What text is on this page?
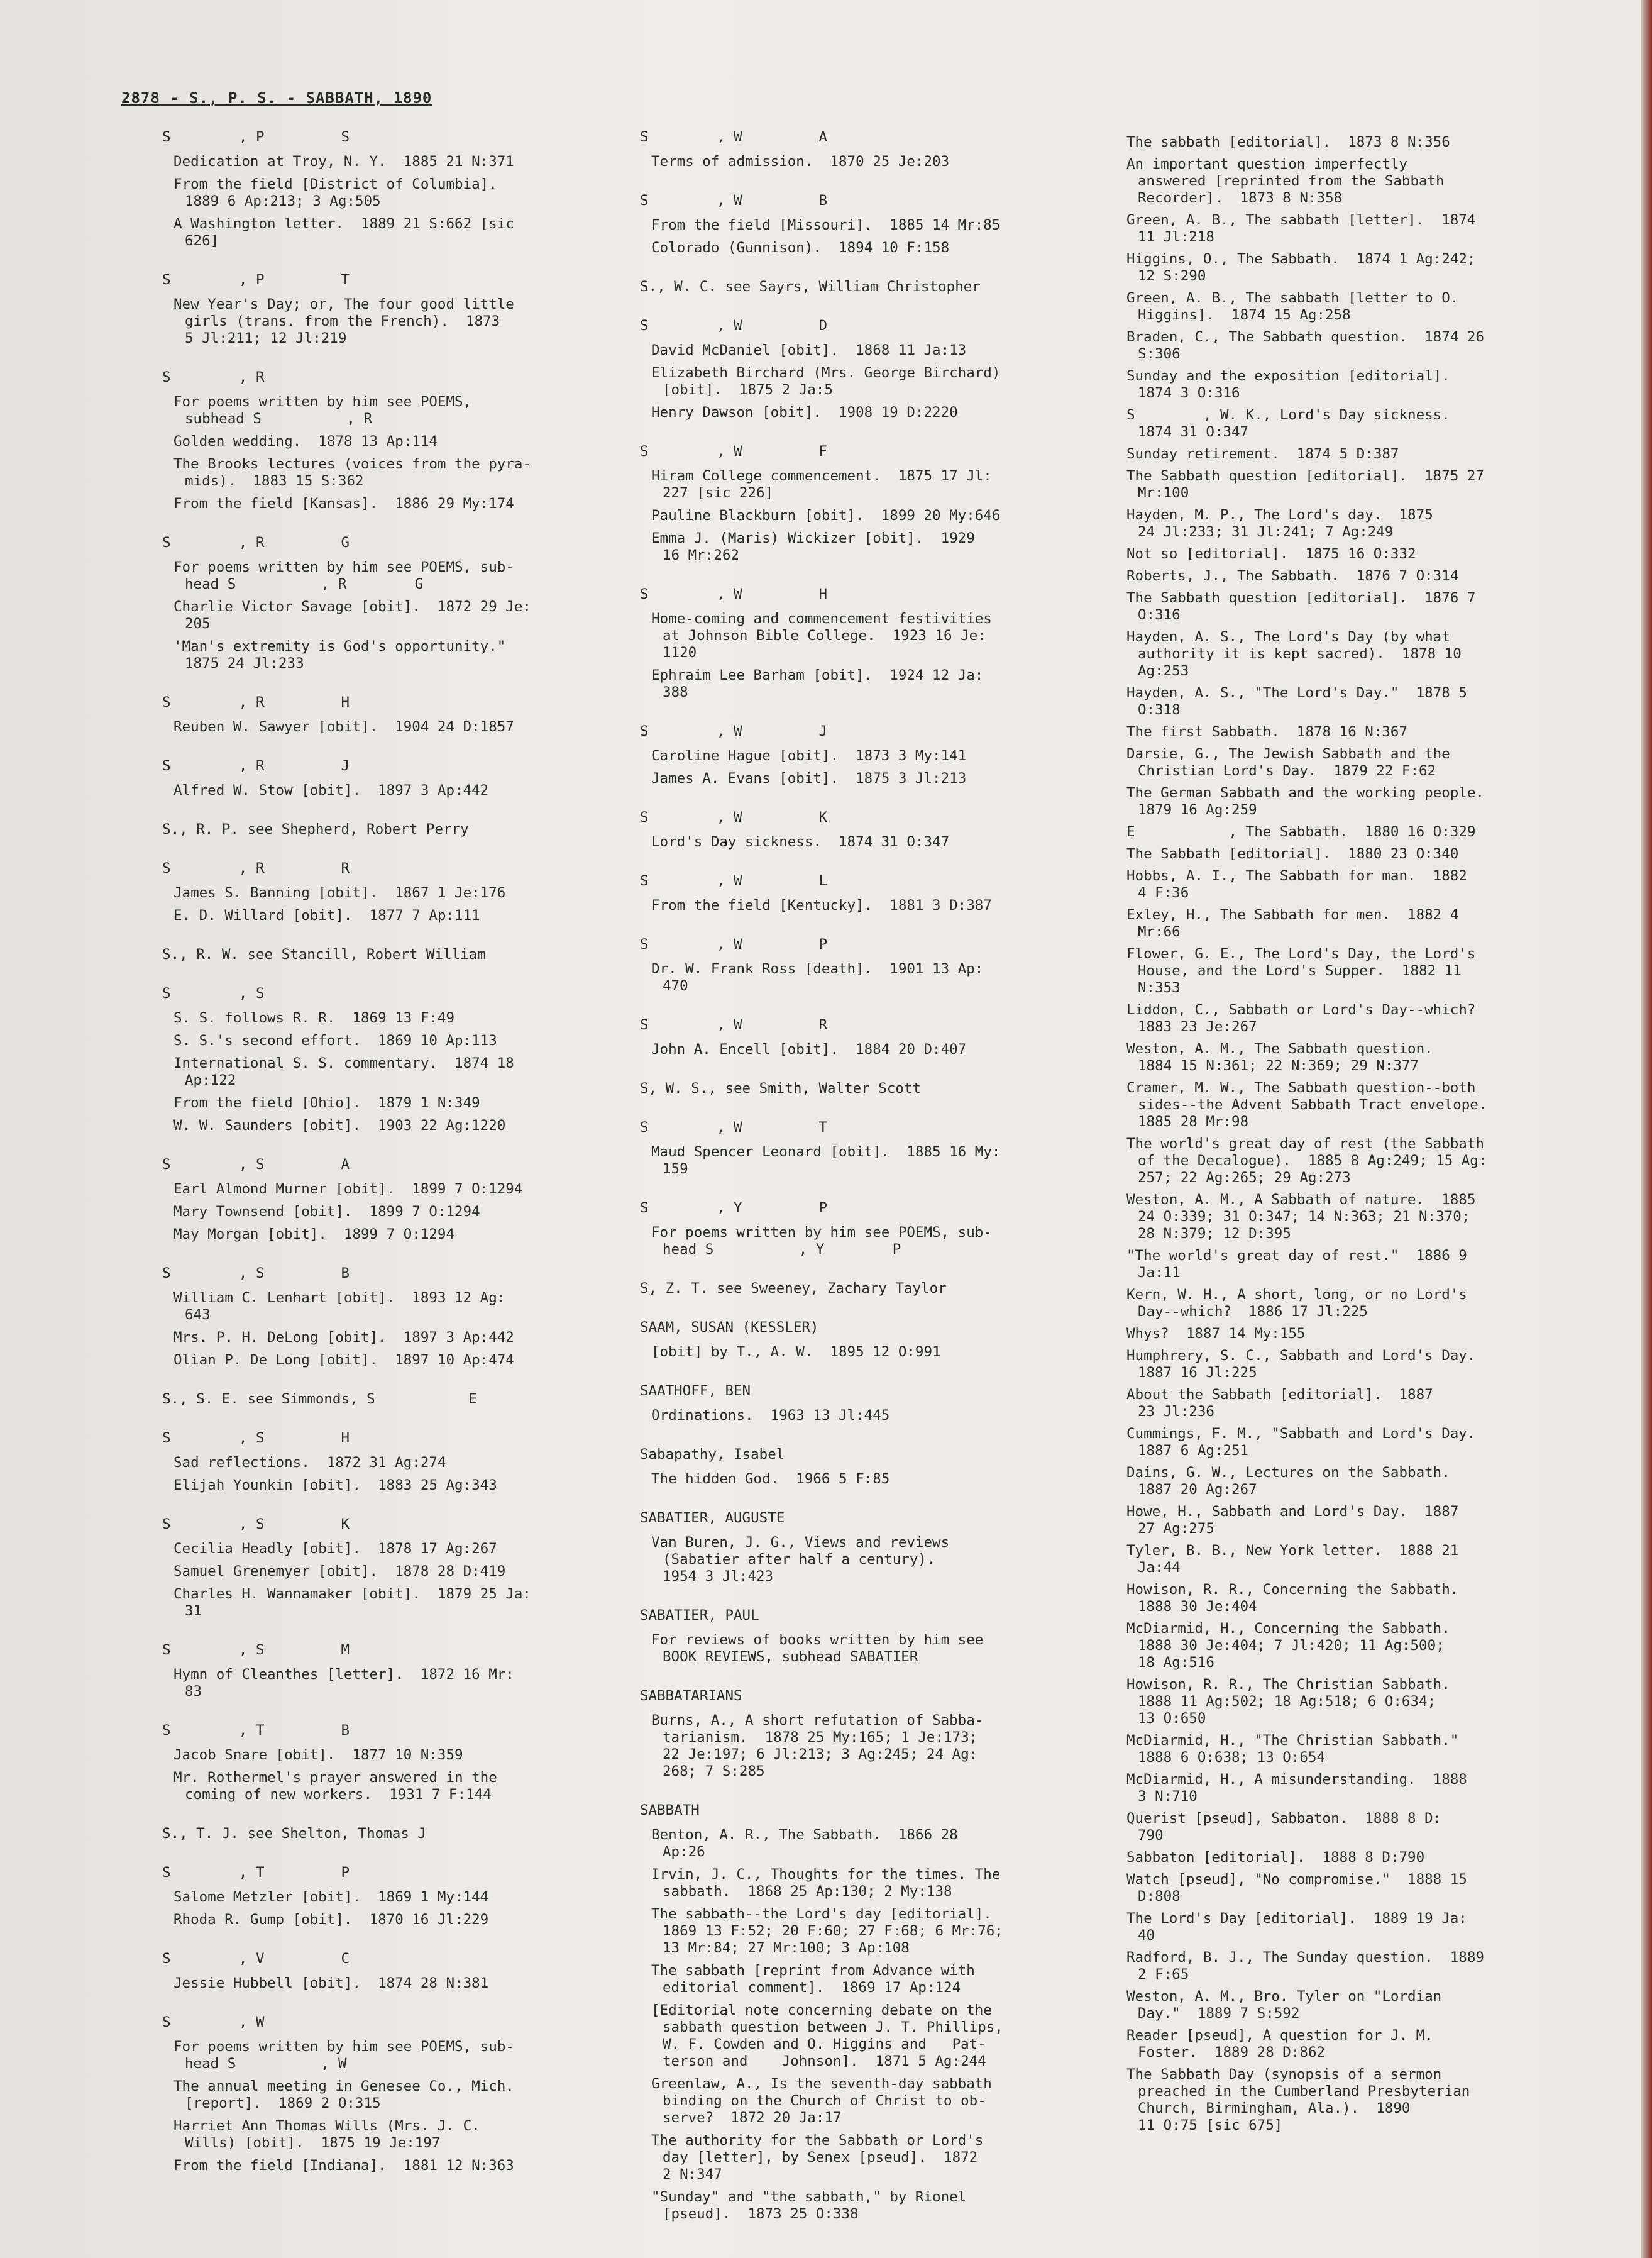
2878 - S., P. S. - SABBATH, 1890
S        , P         S
Dedication at Troy, N. Y.  1885 21 N:371
From the field [District of Columbia].
1889 6 Ap:213; 3 Ag:505
A Washington letter.  1889 21 S:662 [sic
626]
S        , P         T
New Year's Day; or, The four good little
girls (trans. from the French).  1873
5 Jl:211; 12 Jl:219
S        , R
For poems written by him see POEMS,
subhead S          , R
Golden wedding.  1878 13 Ap:114
The Brooks lectures (voices from the pyra-
mids).  1883 15 S:362
From the field [Kansas].  1886 29 My:174
S        , R         G
For poems written by him see POEMS, sub-
head S          , R        G
Charlie Victor Savage [obit].  1872 29 Je:
205
'Man's extremity is God's opportunity."
1875 24 Jl:233
S        , R         H
Reuben W. Sawyer [obit].  1904 24 D:1857
S        , R         J
Alfred W. Stow [obit].  1897 3 Ap:442
S., R. P. see Shepherd, Robert Perry
S        , R         R
James S. Banning [obit].  1867 1 Je:176
E. D. Willard [obit].  1877 7 Ap:111
S., R. W. see Stancill, Robert William
S        , S
S. S. follows R. R.  1869 13 F:49
S. S.'s second effort.  1869 10 Ap:113
International S. S. commentary.  1874 18
Ap:122
From the field [Ohio].  1879 1 N:349
W. W. Saunders [obit].  1903 22 Ag:1220
S        , S         A
Earl Almond Murner [obit].  1899 7 O:1294
Mary Townsend [obit].  1899 7 O:1294
May Morgan [obit].  1899 7 O:1294
S        , S         B
William C. Lenhart [obit].  1893 12 Ag:
643
Mrs. P. H. DeLong [obit].  1897 3 Ap:442
Olian P. De Long [obit].  1897 10 Ap:474
S., S. E. see Simmonds, S           E
S        , S         H
Sad reflections.  1872 31 Ag:274
Elijah Younkin [obit].  1883 25 Ag:343
S        , S         K
Cecilia Headly [obit].  1878 17 Ag:267
Samuel Grenemyer [obit].  1878 28 D:419
Charles H. Wannamaker [obit].  1879 25 Ja:
31
S        , S         M
Hymn of Cleanthes [letter].  1872 16 Mr:
83
S        , T         B
Jacob Snare [obit].  1877 10 N:359
Mr. Rothermel's prayer answered in the
coming of new workers.  1931 7 F:144
S., T. J. see Shelton, Thomas J
S        , T         P
Salome Metzler [obit].  1869 1 My:144
Rhoda R. Gump [obit].  1870 16 Jl:229
S        , V         C
Jessie Hubbell [obit].  1874 28 N:381
S        , W
For poems written by him see POEMS, sub-
head S          , W
The annual meeting in Genesee Co., Mich.
[report].  1869 2 O:315
Harriet Ann Thomas Wills (Mrs. J. C.
Wills) [obit].  1875 19 Je:197
From the field [Indiana].  1881 12 N:363
S        , W         A
Terms of admission.  1870 25 Je:203
S        , W         B
From the field [Missouri].  1885 14 Mr:85
Colorado (Gunnison).  1894 10 F:158
S., W. C. see Sayrs, William Christopher
S        , W         D
David McDaniel [obit].  1868 11 Ja:13
Elizabeth Birchard (Mrs. George Birchard)
[obit].  1875 2 Ja:5
Henry Dawson [obit].  1908 19 D:2220
S        , W         F
Hiram College commencement.  1875 17 Jl:
227 [sic 226]
Pauline Blackburn [obit].  1899 20 My:646
Emma J. (Maris) Wickizer [obit].  1929
16 Mr:262
S        , W         H
Home-coming and commencement festivities
at Johnson Bible College.  1923 16 Je:
1120
Ephraim Lee Barham [obit].  1924 12 Ja:
388
S        , W         J
Caroline Hague [obit].  1873 3 My:141
James A. Evans [obit].  1875 3 Jl:213
S        , W         K
Lord's Day sickness.  1874 31 O:347
S        , W         L
From the field [Kentucky].  1881 3 D:387
S        , W         P
Dr. W. Frank Ross [death].  1901 13 Ap:
470
S        , W         R
John A. Encell [obit].  1884 20 D:407
S, W. S., see Smith, Walter Scott
S        , W         T
Maud Spencer Leonard [obit].  1885 16 My:
159
S        , Y         P
For poems written by him see POEMS, sub-
head S          , Y        P
S, Z. T. see Sweeney, Zachary Taylor
SAAM, SUSAN (KESSLER)
[obit] by T., A. W.  1895 12 O:991
SAATHOFF, BEN
Ordinations.  1963 13 Jl:445
Sabapathy, Isabel
The hidden God.  1966 5 F:85
SABATIER, AUGUSTE
Van Buren, J. G., Views and reviews
(Sabatier after half a century).
1954 3 Jl:423
SABATIER, PAUL
For reviews of books written by him see
BOOK REVIEWS, subhead SABATIER
SABBATARIANS
Burns, A., A short refutation of Sabba-
tarianism.  1878 25 My:165; 1 Je:173;
22 Je:197; 6 Jl:213; 3 Ag:245; 24 Ag:
268; 7 S:285
SABBATH
Benton, A. R., The Sabbath.  1866 28
Ap:26
Irvin, J. C., Thoughts for the times. The
sabbath.  1868 25 Ap:130; 2 My:138
The sabbath--the Lord's day [editorial].
1869 13 F:52; 20 F:60; 27 F:68; 6 Mr:76;
13 Mr:84; 27 Mr:100; 3 Ap:108
The sabbath [reprint from Advance with
editorial comment].  1869 17 Ap:124
[Editorial note concerning debate on the
sabbath question between J. T. Phillips,
W. F. Cowden and O. Higgins and   Pat-
terson and    Johnson].  1871 5 Ag:244
Greenlaw, A., Is the seventh-day sabbath
binding on the Church of Christ to ob-
serve?  1872 20 Ja:17
The authority for the Sabbath or Lord's
day [letter], by Senex [pseud].  1872
2 N:347
"Sunday" and "the sabbath," by Rionel
[pseud].  1873 25 O:338
The sabbath [editorial].  1873 8 N:356
An important question imperfectly
answered [reprinted from the Sabbath
Recorder].  1873 8 N:358
Green, A. B., The sabbath [letter].  1874
11 Jl:218
Higgins, O., The Sabbath.  1874 1 Ag:242;
12 S:290
Green, A. B., The sabbath [letter to O.
Higgins].  1874 15 Ag:258
Braden, C., The Sabbath question.  1874 26
S:306
Sunday and the exposition [editorial].
1874 3 O:316
S        , W. K., Lord's Day sickness.
1874 31 O:347
Sunday retirement.  1874 5 D:387
The Sabbath question [editorial].  1875 27
Mr:100
Hayden, M. P., The Lord's day.  1875
24 Jl:233; 31 Jl:241; 7 Ag:249
Not so [editorial].  1875 16 O:332
Roberts, J., The Sabbath.  1876 7 O:314
The Sabbath question [editorial].  1876 7
O:316
Hayden, A. S., The Lord's Day (by what
authority it is kept sacred).  1878 10
Ag:253
Hayden, A. S., "The Lord's Day."  1878 5
O:318
The first Sabbath.  1878 16 N:367
Darsie, G., The Jewish Sabbath and the
Christian Lord's Day.  1879 22 F:62
The German Sabbath and the working people.
1879 16 Ag:259
E           , The Sabbath.  1880 16 O:329
The Sabbath [editorial].  1880 23 O:340
Hobbs, A. I., The Sabbath for man.  1882
4 F:36
Exley, H., The Sabbath for men.  1882 4
Mr:66
Flower, G. E., The Lord's Day, the Lord's
House, and the Lord's Supper.  1882 11
N:353
Liddon, C., Sabbath or Lord's Day--which?
1883 23 Je:267
Weston, A. M., The Sabbath question.
1884 15 N:361; 22 N:369; 29 N:377
Cramer, M. W., The Sabbath question--both
sides--the Advent Sabbath Tract envelope.
1885 28 Mr:98
The world's great day of rest (the Sabbath
of the Decalogue).  1885 8 Ag:249; 15 Ag:
257; 22 Ag:265; 29 Ag:273
Weston, A. M., A Sabbath of nature.  1885
24 O:339; 31 O:347; 14 N:363; 21 N:370;
28 N:379; 12 D:395
"The world's great day of rest."  1886 9
Ja:11
Kern, W. H., A short, long, or no Lord's
Day--which?  1886 17 Jl:225
Whys?  1887 14 My:155
Humphrery, S. C., Sabbath and Lord's Day.
1887 16 Jl:225
About the Sabbath [editorial].  1887
23 Jl:236
Cummings, F. M., "Sabbath and Lord's Day.
1887 6 Ag:251
Dains, G. W., Lectures on the Sabbath.
1887 20 Ag:267
Howe, H., Sabbath and Lord's Day.  1887
27 Ag:275
Tyler, B. B., New York letter.  1888 21
Ja:44
Howison, R. R., Concerning the Sabbath.
1888 30 Je:404
McDiarmid, H., Concerning the Sabbath.
1888 30 Je:404; 7 Jl:420; 11 Ag:500;
18 Ag:516
Howison, R. R., The Christian Sabbath.
1888 11 Ag:502; 18 Ag:518; 6 O:634;
13 O:650
McDiarmid, H., "The Christian Sabbath."
1888 6 O:638; 13 O:654
McDiarmid, H., A misunderstanding.  1888
3 N:710
Querist [pseud], Sabbaton.  1888 8 D:
790
Sabbaton [editorial].  1888 8 D:790
Watch [pseud], "No compromise."  1888 15
D:808
The Lord's Day [editorial].  1889 19 Ja:
40
Radford, B. J., The Sunday question.  1889
2 F:65
Weston, A. M., Bro. Tyler on "Lordian
Day."  1889 7 S:592
Reader [pseud], A question for J. M.
Foster.  1889 28 D:862
The Sabbath Day (synopsis of a sermon
preached in the Cumberland Presbyterian
Church, Birmingham, Ala.).  1890
11 O:75 [sic 675]
